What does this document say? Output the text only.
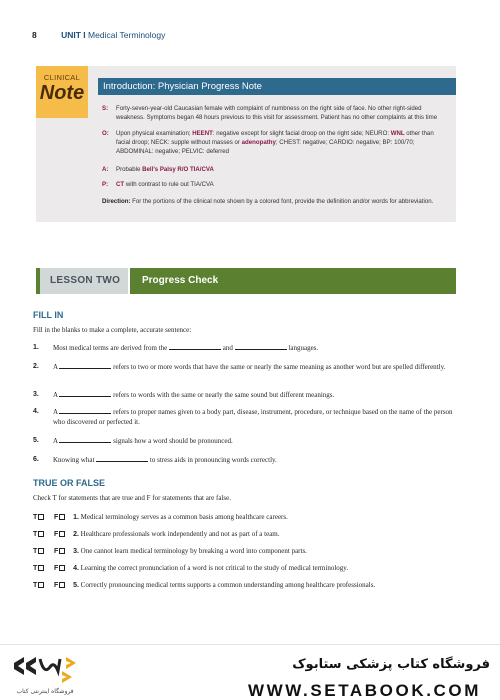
8	UNIT I Medical Terminology
CLINICAL
Note	Introduction: Physician Progress Note
S: Forty-seven-year-old Caucasian female with complaint of numbness on the right side of face. No other right-sided weakness. Symptoms began 48 hours previous to this visit for assessment. Patient has no other complaints at this time
O: Upon physical examination; HEENT: negative except for slight facial droop on the right side; NEURO: WNL other than facial droop; NECK: supple without masses or adenopathy; CHEST: negative; CARDIO: negative; BP: 100/70; ABDOMINAL: negative; PELVIC: deferred
A: Probable Bell’s Palsy R/O TIA/CVA
P: CT with contrast to rule out TIA/CVA
Direction: For the portions of the clinical note shown by a colored font, provide the definition and/or words for abbreviation.
LESSON TWO	Progress Check
FILL IN
Fill in the blanks to make a complete, accurate sentence:
1. Most medical terms are derived from the	and	languages.
2. A	refers to two or more words that have the same or nearly the same meaning as another word but are spelled differently.
3. A	refers to words with the same or nearly the same sound but different meanings.
4. A	refers to proper names given to a body part, disease, instrument, procedure, or technique based on the name of the person who discovered or perfected it.
5. A	signals how a word should be pronounced.
6. Knowing what	to stress aids in pronouncing words correctly.
TRUE OR FALSE
Check T for statements that are true and F for statements that are false.
T F 1. Medical terminology serves as a common basis among healthcare careers.
T F 2. Healthcare professionals work independently and not as part of a team.
T F 3. One cannot learn medical terminology by breaking a word into component parts.
T F 4. Learning the correct pronunciation of a word is not critical to the study of medical terminology.
T F 5. Correctly pronouncing medical terms supports a common understanding among healthcare professionals.
فروشگاه اینترنتی کتاب
فروشگاه کتاب پزشکی ستابوک
WWW.SETABOOK.COM
